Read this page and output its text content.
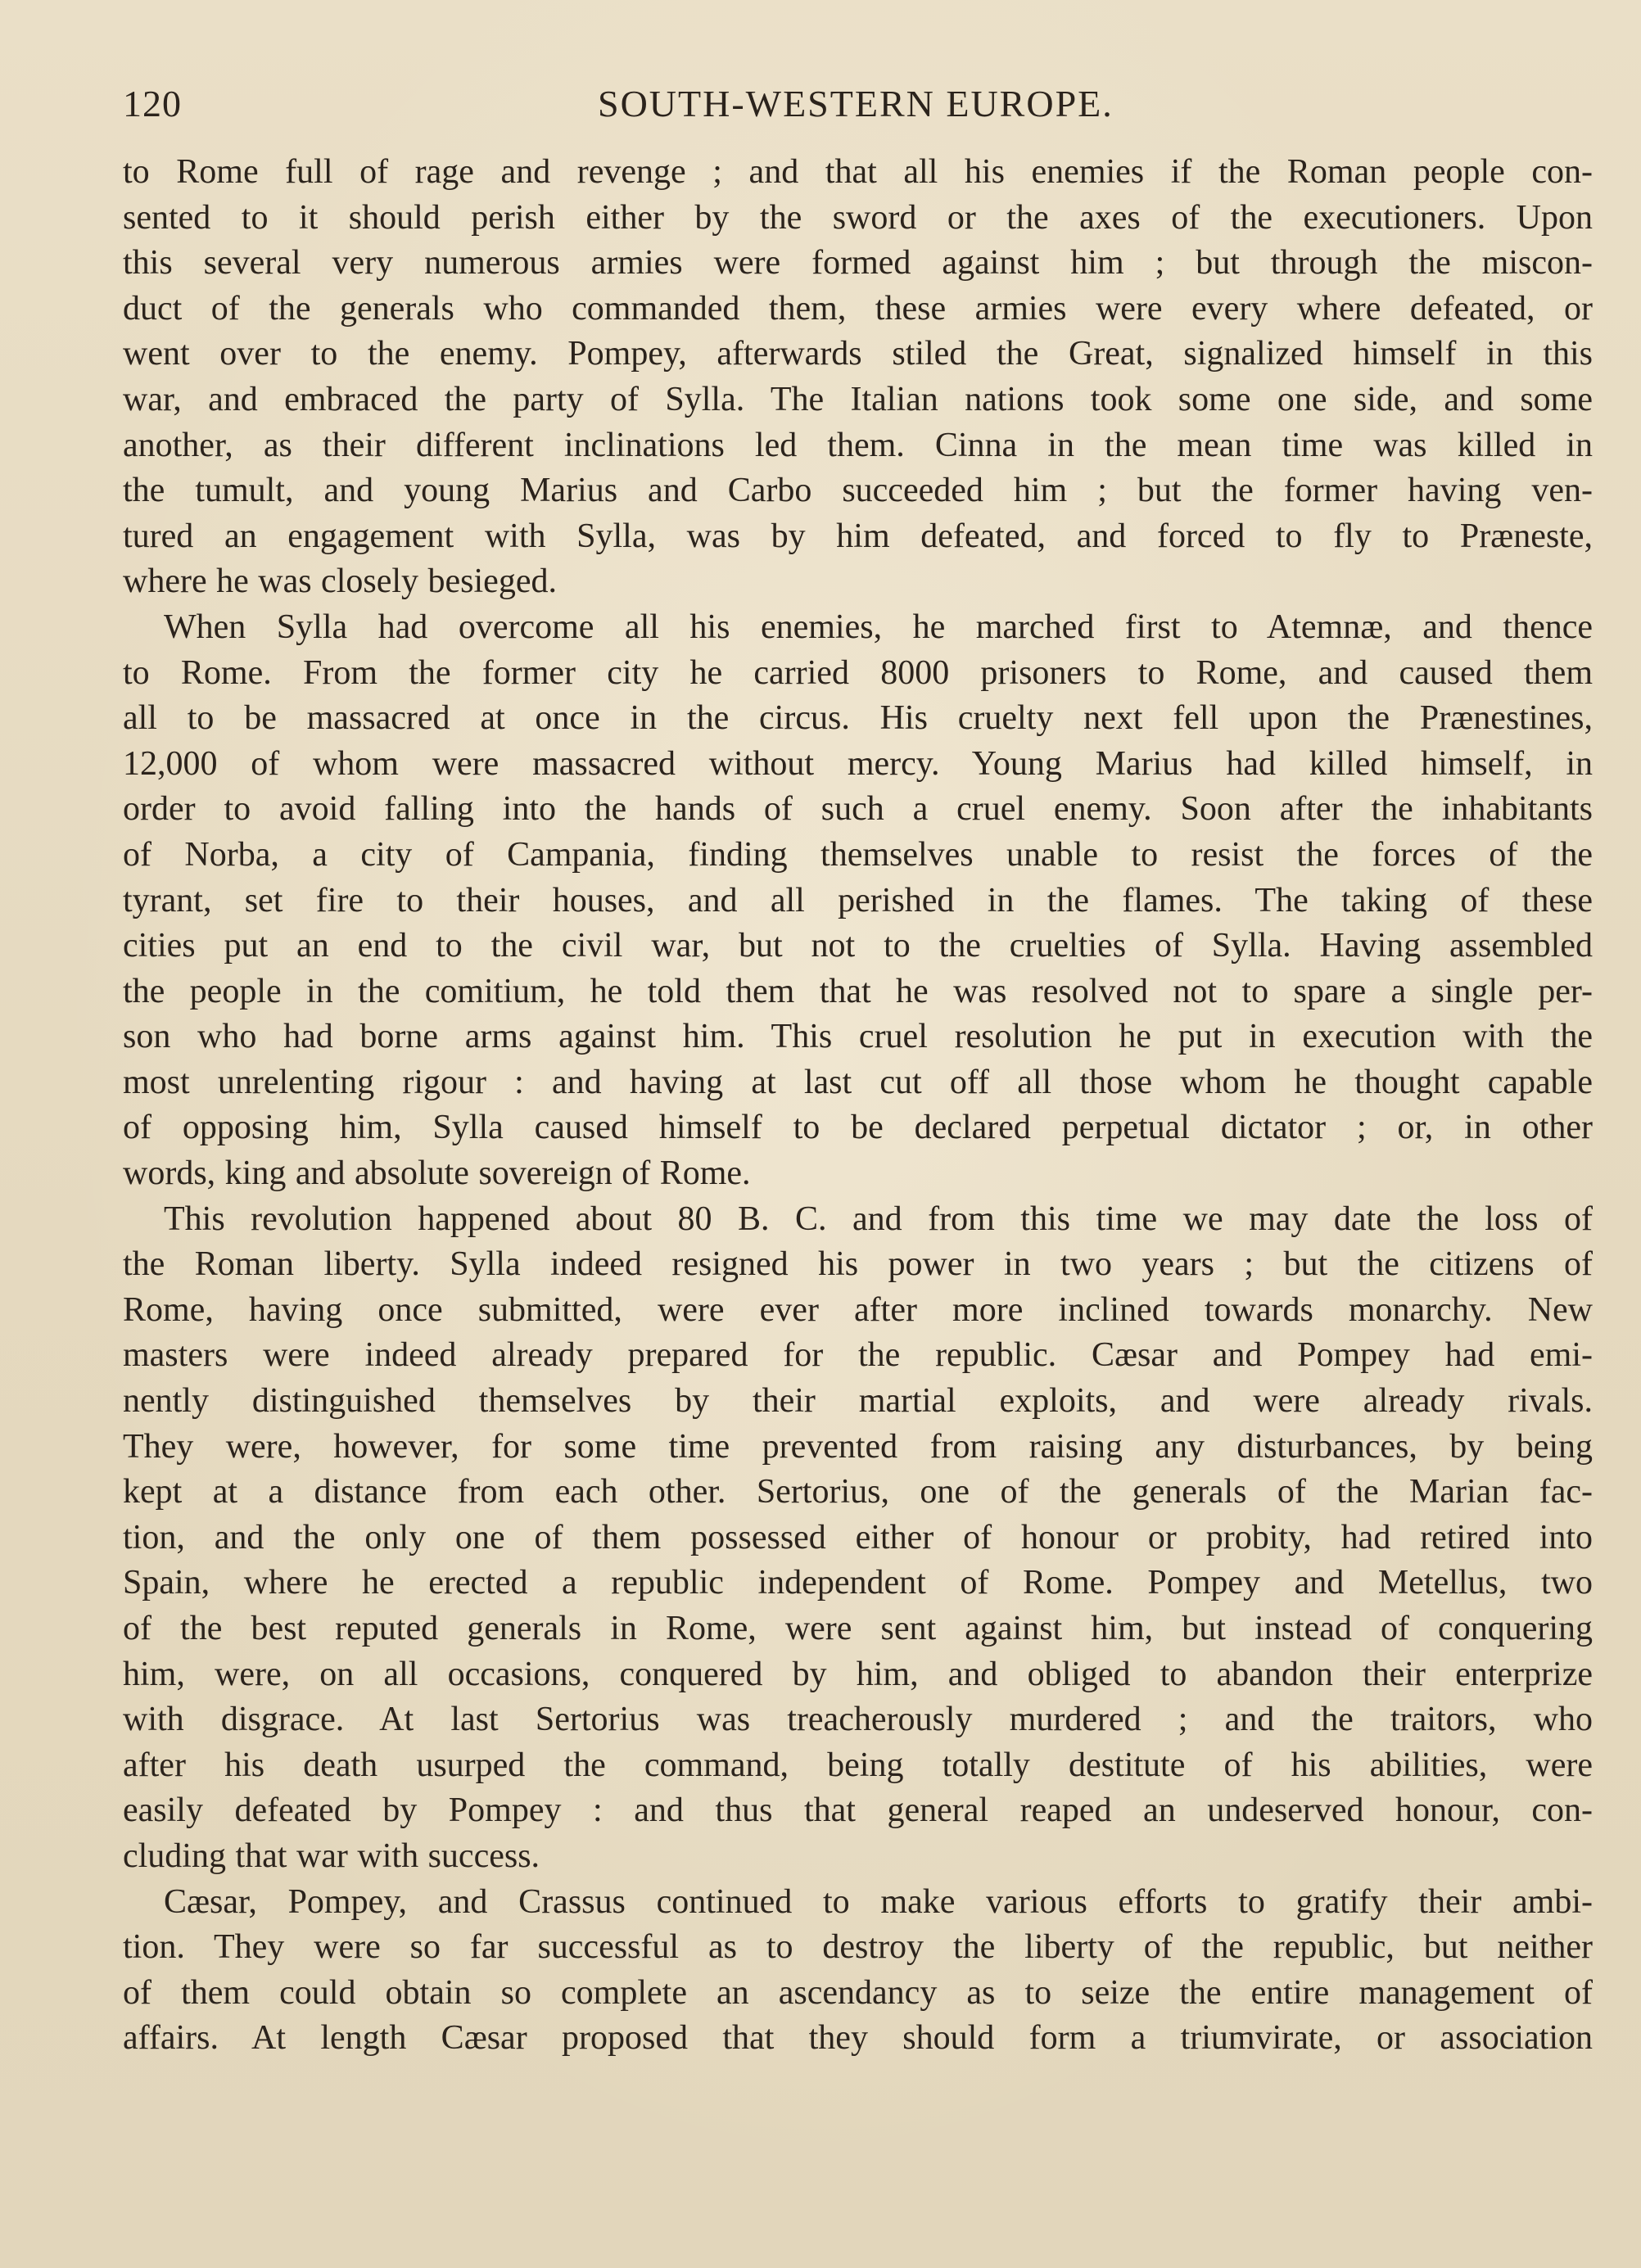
120	SOUTH-WESTERN EUROPE.
to Rome full of rage and revenge ; and that all his enemies if the Roman people con-
sented to it should perish either by the sword or the axes of the executioners. Upon
this several very numerous armies were formed against him ; but through the miscon-
duct of the generals who commanded them, these armies were every where defeated, or
went over to the enemy. Pompey, afterwards stiled the Great, signalized himself in this
war, and embraced the party of Sylla. The Italian nations took some one side, and some
another, as their different inclinations led them. Cinna in the mean time was killed in
the tumult, and young Marius and Carbo succeeded him ; but the former having ven-
tured an engagement with Sylla, was by him defeated, and forced to fly to Præneste,
where he was closely besieged.
When Sylla had overcome all his enemies, he marched first to Atemnæ, and thence
to Rome. From the former city he carried 8000 prisoners to Rome, and caused them
all to be massacred at once in the circus. His cruelty next fell upon the Prænestines,
12,000 of whom were massacred without mercy. Young Marius had killed himself, in
order to avoid falling into the hands of such a cruel enemy. Soon after the inhabitants
of Norba, a city of Campania, finding themselves unable to resist the forces of the
tyrant, set fire to their houses, and all perished in the flames. The taking of these
cities put an end to the civil war, but not to the cruelties of Sylla. Having assembled
the people in the comitium, he told them that he was resolved not to spare a single per-
son who had borne arms against him. This cruel resolution he put in execution with the
most unrelenting rigour : and having at last cut off all those whom he thought capable
of opposing him, Sylla caused himself to be declared perpetual dictator ; or, in other
words, king and absolute sovereign of Rome.
This revolution happened about 80 B. C. and from this time we may date the loss of
the Roman liberty. Sylla indeed resigned his power in two years ; but the citizens of
Rome, having once submitted, were ever after more inclined towards monarchy. New
masters were indeed already prepared for the republic. Cæsar and Pompey had emi-
nently distinguished themselves by their martial exploits, and were already rivals.
They were, however, for some time prevented from raising any disturbances, by being
kept at a distance from each other. Sertorius, one of the generals of the Marian fac-
tion, and the only one of them possessed either of honour or probity, had retired into
Spain, where he erected a republic independent of Rome. Pompey and Metellus, two
of the best reputed generals in Rome, were sent against him, but instead of conquering
him, were, on all occasions, conquered by him, and obliged to abandon their enterprize
with disgrace. At last Sertorius was treacherously murdered ; and the traitors, who
after his death usurped the command, being totally destitute of his abilities, were
easily defeated by Pompey : and thus that general reaped an undeserved honour, con-
cluding that war with success.
Cæsar, Pompey, and Crassus continued to make various efforts to gratify their ambi-
tion. They were so far successful as to destroy the liberty of the republic, but neither
of them could obtain so complete an ascendancy as to seize the entire management of
affairs. At length Cæsar proposed that they should form a triumvirate, or association
